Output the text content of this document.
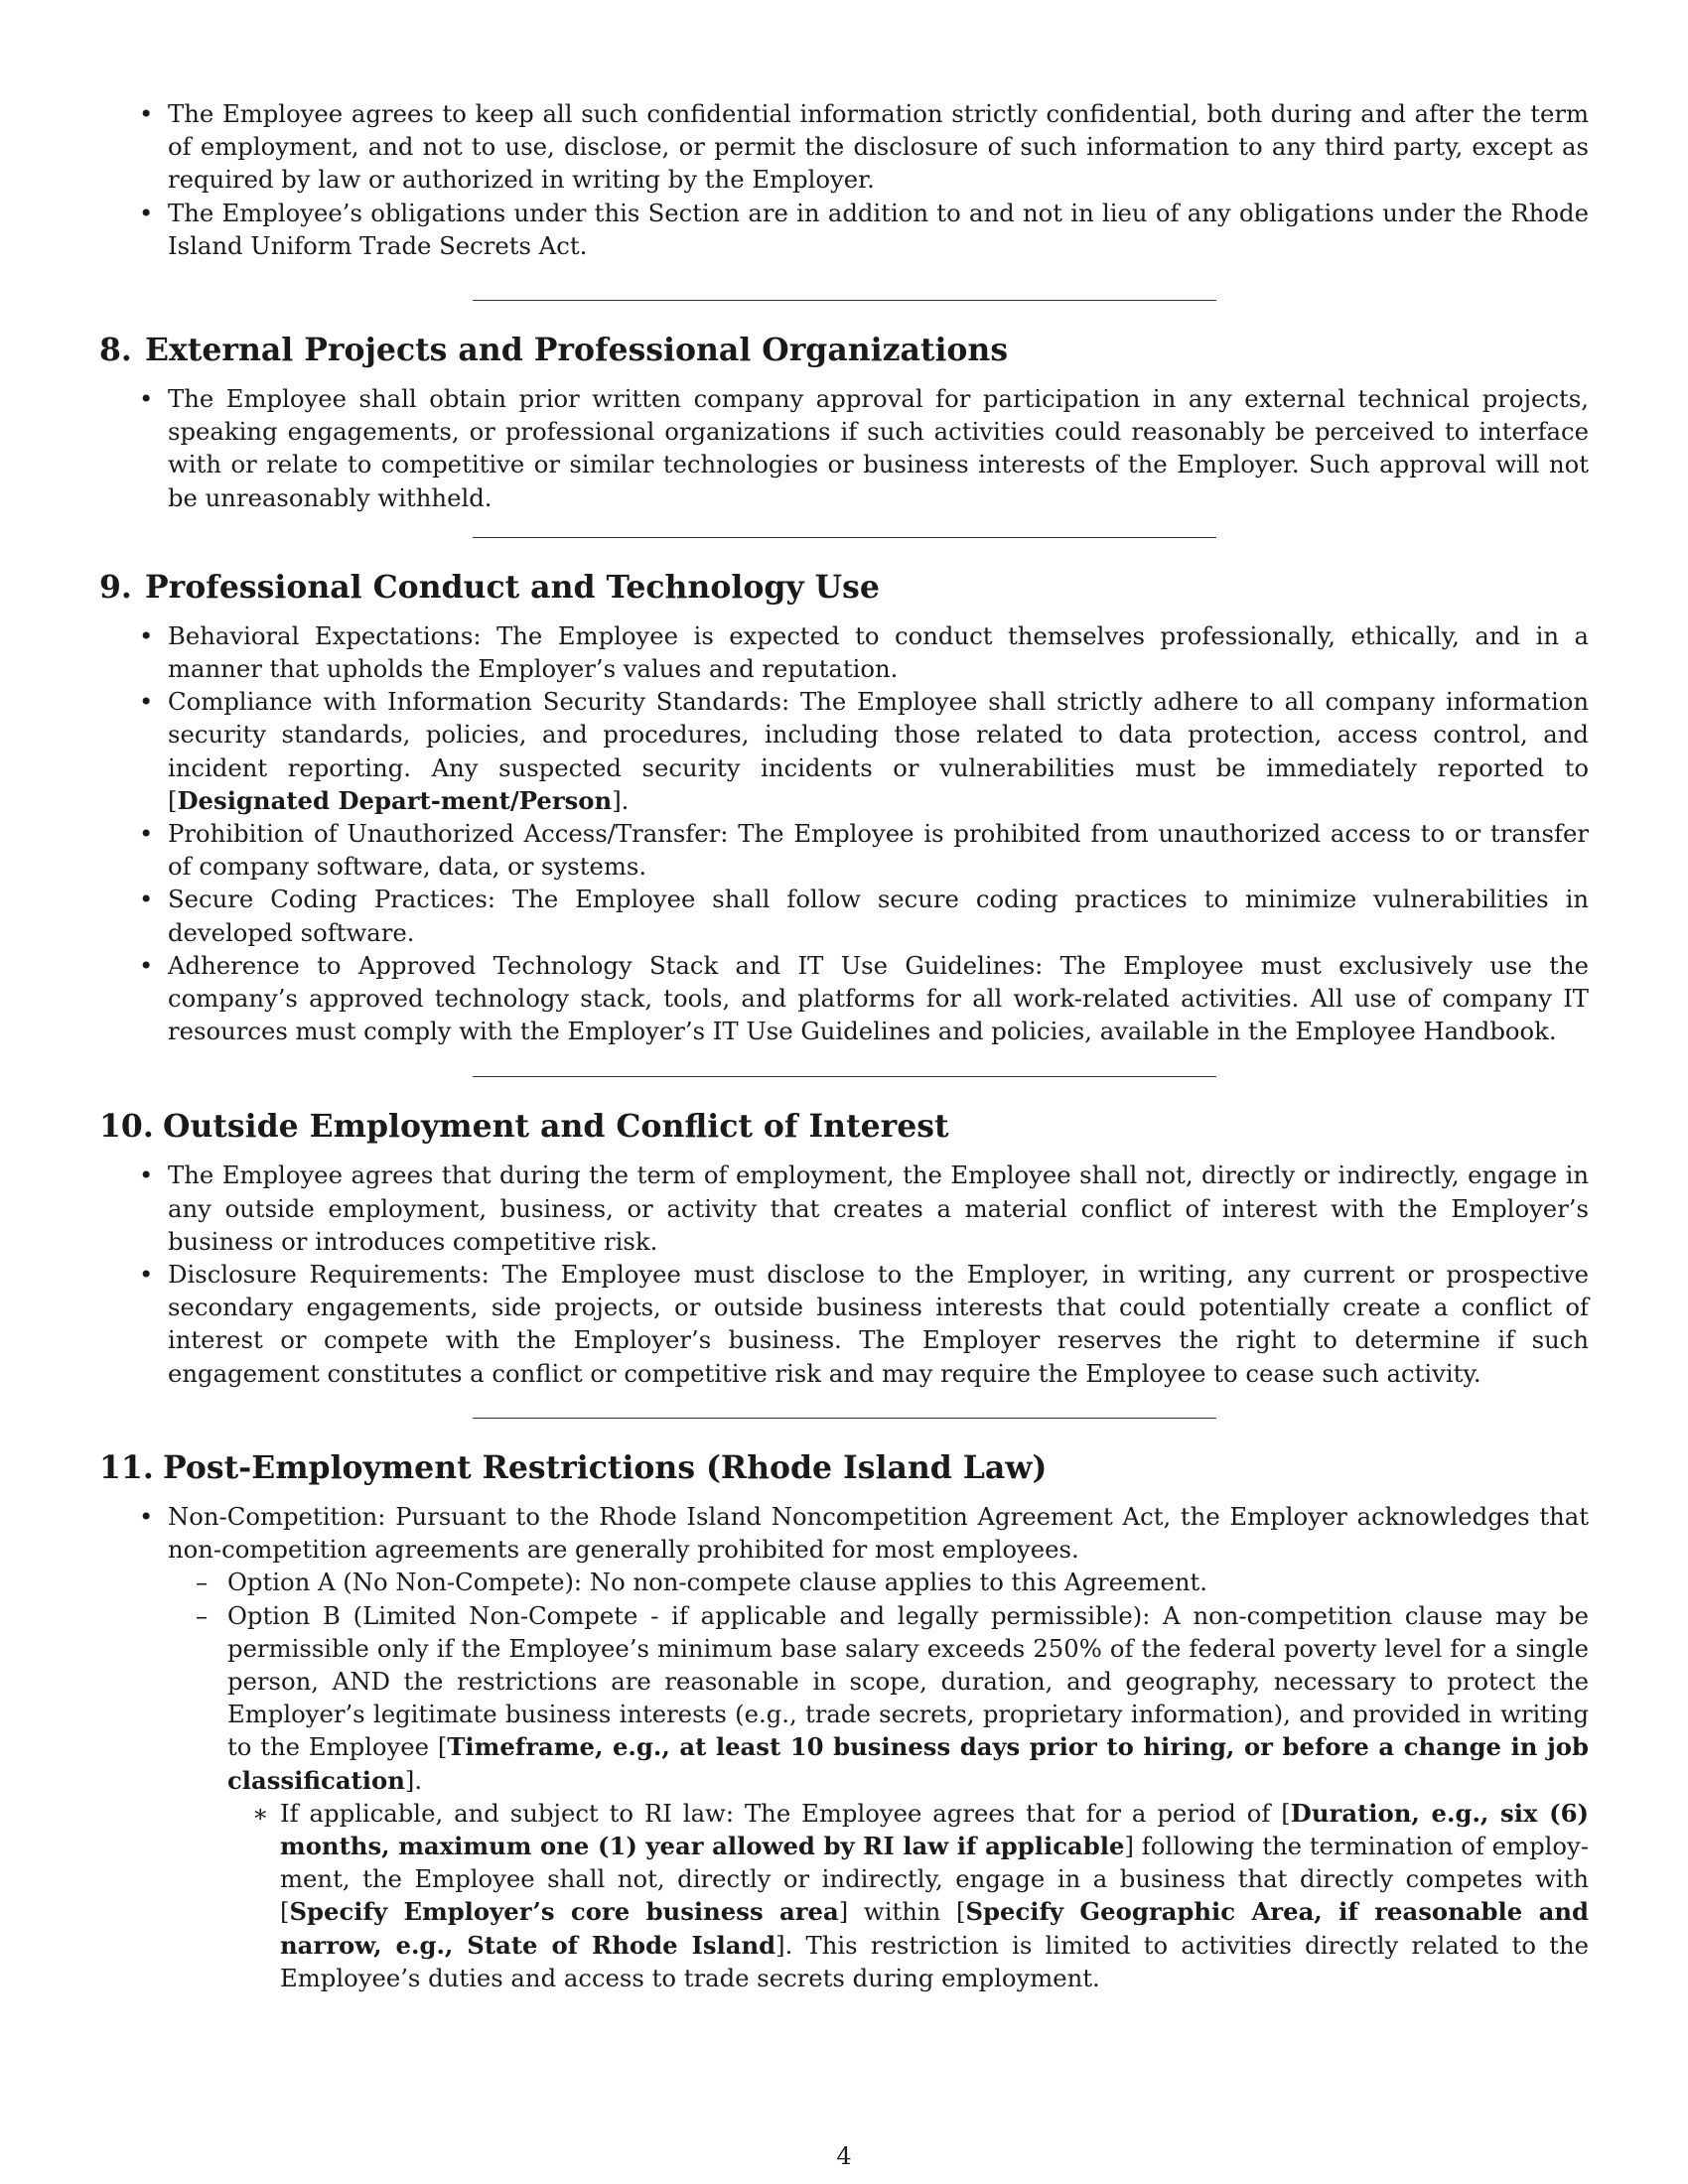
• The Employee agrees to keep all such confidential information strictly confidential, both during and after the term of employment, and not to use, disclose, or permit the disclosure of such information to any third party, except as required by law or authorized in writing by the Employer.
• The Employee’s obligations under this Section are in addition to and not in lieu of any obligations under the Rhode Island Uniform Trade Secrets Act.
8. External Projects and Professional Organizations
• The Employee shall obtain prior written company approval for participation in any external technical projects, speaking engagements, or professional organizations if such activities could reasonably be perceived to interface with or relate to competitive or similar technologies or business interests of the Employer. Such approval will not be unreasonably withheld.
9. Professional Conduct and Technology Use
• Behavioral Expectations: The Employee is expected to conduct themselves professionally, ethically, and in a manner that upholds the Employer’s values and reputation.
• Compliance with Information Security Standards: The Employee shall strictly adhere to all company information security standards, policies, and procedures, including those related to data protection, access control, and incident reporting. Any suspected security incidents or vulnerabilities must be immediately reported to [Designated Depart-ment/Person].
• Prohibition of Unauthorized Access/Transfer: The Employee is prohibited from unauthorized access to or transfer of company software, data, or systems.
• Secure Coding Practices: The Employee shall follow secure coding practices to minimize vulnerabilities in developed software.
• Adherence to Approved Technology Stack and IT Use Guidelines: The Employee must exclusively use the company’s approved technology stack, tools, and platforms for all work-related activities. All use of company IT resources must comply with the Employer’s IT Use Guidelines and policies, available in the Employee Handbook.
10. Outside Employment and Conflict of Interest
• The Employee agrees that during the term of employment, the Employee shall not, directly or indirectly, engage in any outside employment, business, or activity that creates a material conflict of interest with the Employer’s business or introduces competitive risk.
• Disclosure Requirements: The Employee must disclose to the Employer, in writing, any current or prospective secondary engagements, side projects, or outside business interests that could potentially create a conflict of interest or compete with the Employer’s business. The Employer reserves the right to determine if such engagement constitutes a conflict or competitive risk and may require the Employee to cease such activity.
11. Post-Employment Restrictions (Rhode Island Law)
• Non-Competition: Pursuant to the Rhode Island Noncompetition Agreement Act, the Employer acknowledges that non-competition agreements are generally prohibited for most employees.
– Option A (No Non-Compete): No non-compete clause applies to this Agreement.
– Option B (Limited Non-Compete - if applicable and legally permissible): A non-competition clause may be permissible only if the Employee’s minimum base salary exceeds 250% of the federal poverty level for a single person, AND the restrictions are reasonable in scope, duration, and geography, necessary to protect the Employer’s legitimate business interests (e.g., trade secrets, proprietary information), and provided in writing to the Employee [Timeframe, e.g., at least 10 business days prior to hiring, or before a change in job classification].
∗ If applicable, and subject to RI law: The Employee agrees that for a period of [Duration, e.g., six (6) months, maximum one (1) year allowed by RI law if applicable] following the termination of employ-ment, the Employee shall not, directly or indirectly, engage in a business that directly competes with [Specify Employer’s core business area] within [Specify Geographic Area, if reasonable and narrow, e.g., State of Rhode Island]. This restriction is limited to activities directly related to the Employee’s duties and access to trade secrets during employment.
4
